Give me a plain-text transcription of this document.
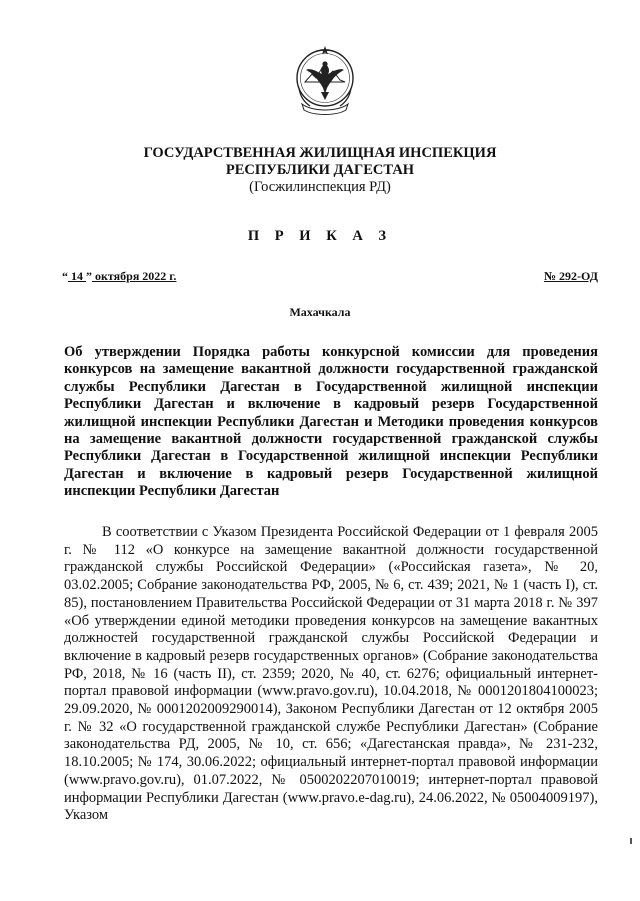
ГОСУДАРСТВЕННАЯ ЖИЛИЩНАЯ ИНСПЕКЦИЯ
РЕСПУБЛИКИ ДАГЕСТАН
(Госжилинспекция РД)
П Р И К А З
“ 14 ” октября 2022 г.	№ 292-ОД
Махачкала
Об утверждении Порядка работы конкурсной комиссии для проведения конкурсов на замещение вакантной должности государственной гражданской службы Республики Дагестан в Государственной жилищной инспекции Республики Дагестан и включение в кадровый резерв Государственной жилищной инспекции Республики Дагестан и Методики проведения конкурсов на замещение вакантной должности государственной гражданской службы Республики Дагестан в Государственной жилищной инспекции Республики Дагестан и включение в кадровый резерв Государственной жилищной инспекции Республики Дагестан
В соответствии с Указом Президента Российской Федерации от 1 февраля 2005 г. № 112 «О конкурсе на замещение вакантной должности государственной гражданской службы Российской Федерации» («Российская газета», № 20, 03.02.2005; Собрание законодательства РФ, 2005, № 6, ст. 439; 2021, № 1 (часть I), ст. 85), постановлением Правительства Российской Федерации от 31 марта 2018 г. № 397 «Об утверждении единой методики проведения конкурсов на замещение вакантных должностей государственной гражданской службы Российской Федерации и включение в кадровый резерв государственных органов» (Собрание законодательства РФ, 2018, № 16 (часть II), ст. 2359; 2020, № 40, ст. 6276; официальный интернет-портал правовой информации (www.pravo.gov.ru), 10.04.2018, № 0001201804100023; 29.09.2020, № 0001202009290014), Законом Республики Дагестан от 12 октября 2005 г. № 32 «О государственной гражданской службе Республики Дагестан» (Собрание законодательства РД, 2005, № 10, ст. 656; «Дагестанская правда», № 231-232, 18.10.2005; № 174, 30.06.2022; официальный интернет-портал правовой информации (www.pravo.gov.ru), 01.07.2022, № 0500202207010019; интернет-портал правовой информации Республики Дагестан (www.pravo.e-dag.ru), 24.06.2022, № 05004009197), Указом
